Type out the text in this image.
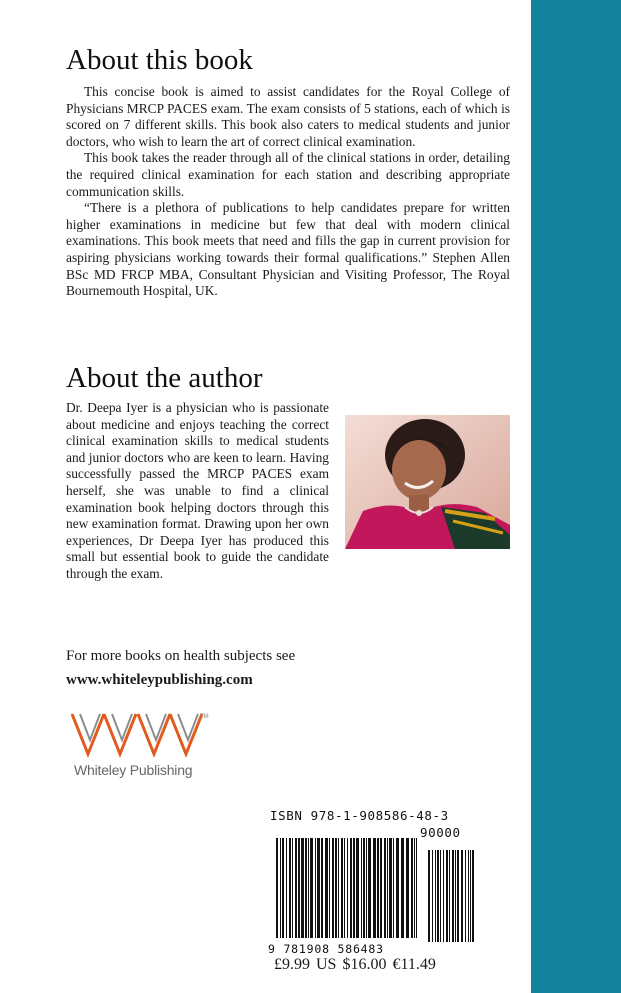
About this book

This concise book is aimed to assist candidates for the Royal College of Physicians MRCP PACES exam. The exam consists of 5 stations, each of which is scored on 7 different skills. This book also caters to medical students and junior doctors, who wish to learn the art of correct clinical examination.

This book takes the reader through all of the clinical stations in order, detailing the required clinical examination for each station and describing appropriate communication skills.

“There is a plethora of publications to help candidates prepare for written higher examinations in medicine but few that deal with modern clinical examinations. This book meets that need and fills the gap in current provision for aspiring physicians working towards their formal qualifications.” Stephen Allen BSc MD FRCP MBA, Consultant Physician and Visiting Professor, The Royal Bournemouth Hospital, UK.

About the author

Dr. Deepa Iyer is a physician who is passionate about medicine and enjoys teaching the correct clinical examination skills to medical students and junior doctors who are keen to learn. Having successfully passed the MRCP PACES exam herself, she was unable to find a clinical examination book helping doctors through this new examination format. Drawing upon her own experiences, Dr Deepa Iyer has produced this small but essential book to guide the candidate through the exam.

For more books on health subjects see
www.whiteleypublishing.com
TM
Whiteley Publishing
ISBN 978-1-908586-48-3
90000
9 781908 586483
£9.99 US $16.00 €11.49
